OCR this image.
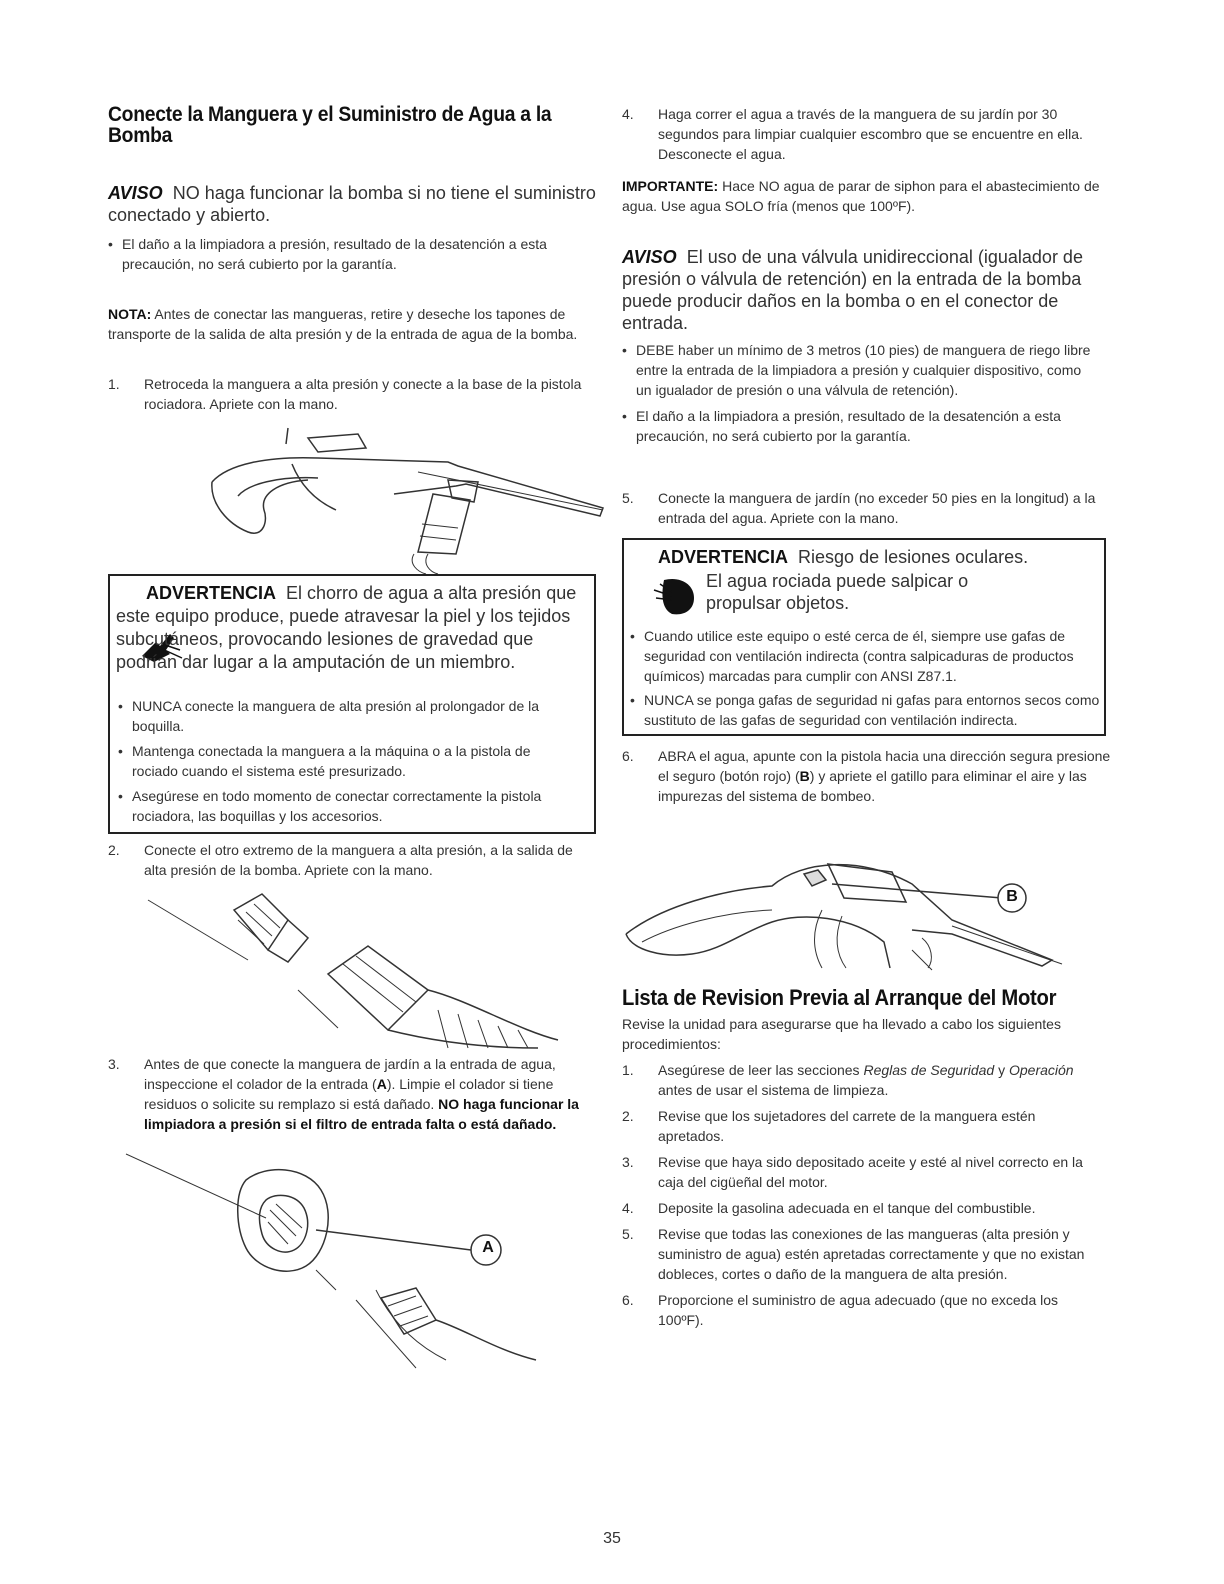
Conecte la Manguera y el Suministro de Agua a la Bomba
AVISO NO haga funcionar la bomba si no tiene el suministro conectado y abierto.
• El daño a la limpiadora a presión, resultado de la desatención a esta precaución, no será cubierto por la garantía.
NOTA: Antes de conectar las mangueras, retire y deseche los tapones de transporte de la salida de alta presión y de la entrada de agua de la bomba.
1. Retroceda la manguera a alta presión y conecte a la base de la pistola rociadora. Apriete con la mano.
ADVERTENCIA El chorro de agua a alta presión que este equipo produce, puede atravesar la piel y los tejidos subcutáneos, provocando lesiones de gravedad que podrían dar lugar a la amputación de un miembro.
• NUNCA conecte la manguera de alta presión al prolongador de la boquilla.
• Mantenga conectada la manguera a la máquina o a la pistola de rociado cuando el sistema esté presurizado.
• Asegúrese en todo momento de conectar correctamente la pistola rociadora, las boquillas y los accesorios.
2. Conecte el otro extremo de la manguera a alta presión, a la salida de alta presión de la bomba. Apriete con la mano.
3. Antes de que conecte la manguera de jardín a la entrada de agua, inspeccione el colador de la entrada (A). Limpie el colador si tiene residuos o solicite su remplazo si está dañado. NO haga funcionar la limpiadora a presión si el filtro de entrada falta o está dañado.
A
4. Haga correr el agua a través de la manguera de su jardín por 30 segundos para limpiar cualquier escombro que se encuentre en ella. Desconecte el agua.
IMPORTANTE: Hace NO agua de parar de siphon para el abastecimiento de agua. Use agua SOLO fría (menos que 100ºF).
AVISO El uso de una válvula unidireccional (igualador de presión o válvula de retención) en la entrada de la bomba puede producir daños en la bomba o en el conector de entrada.
• DEBE haber un mínimo de 3 metros (10 pies) de manguera de riego libre entre la entrada de la limpiadora a presión y cualquier dispositivo, como un igualador de presión o una válvula de retención).
• El daño a la limpiadora a presión, resultado de la desatención a esta precaución, no será cubierto por la garantía.
5. Conecte la manguera de jardín (no exceder 50 pies en la longitud) a la entrada del agua. Apriete con la mano.
ADVERTENCIA Riesgo de lesiones oculares.
El agua rociada puede salpicar o propulsar objetos.
• Cuando utilice este equipo o esté cerca de él, siempre use gafas de seguridad con ventilación indirecta (contra salpicaduras de productos químicos) marcadas para cumplir con ANSI Z87.1.
• NUNCA se ponga gafas de seguridad ni gafas para entornos secos como sustituto de las gafas de seguridad con ventilación indirecta.
6. ABRA el agua, apunte con la pistola hacia una dirección segura presione el seguro (botón rojo) (B) y apriete el gatillo para eliminar el aire y las impurezas del sistema de bombeo.
B
Lista de Revision Previa al Arranque del Motor
Revise la unidad para asegurarse que ha llevado a cabo los siguientes procedimientos:
1. Asegúrese de leer las secciones Reglas de Seguridad y Operación antes de usar el sistema de limpieza.
2. Revise que los sujetadores del carrete de la manguera estén apretados.
3. Revise que haya sido depositado aceite y esté al nivel correcto en la caja del cigüeñal del motor.
4. Deposite la gasolina adecuada en el tanque del combustible.
5. Revise que todas las conexiones de las mangueras (alta presión y suministro de agua) estén apretadas correctamente y que no existan dobleces, cortes o daño de la manguera de alta presión.
6. Proporcione el suministro de agua adecuado (que no exceda los 100ºF).
35
